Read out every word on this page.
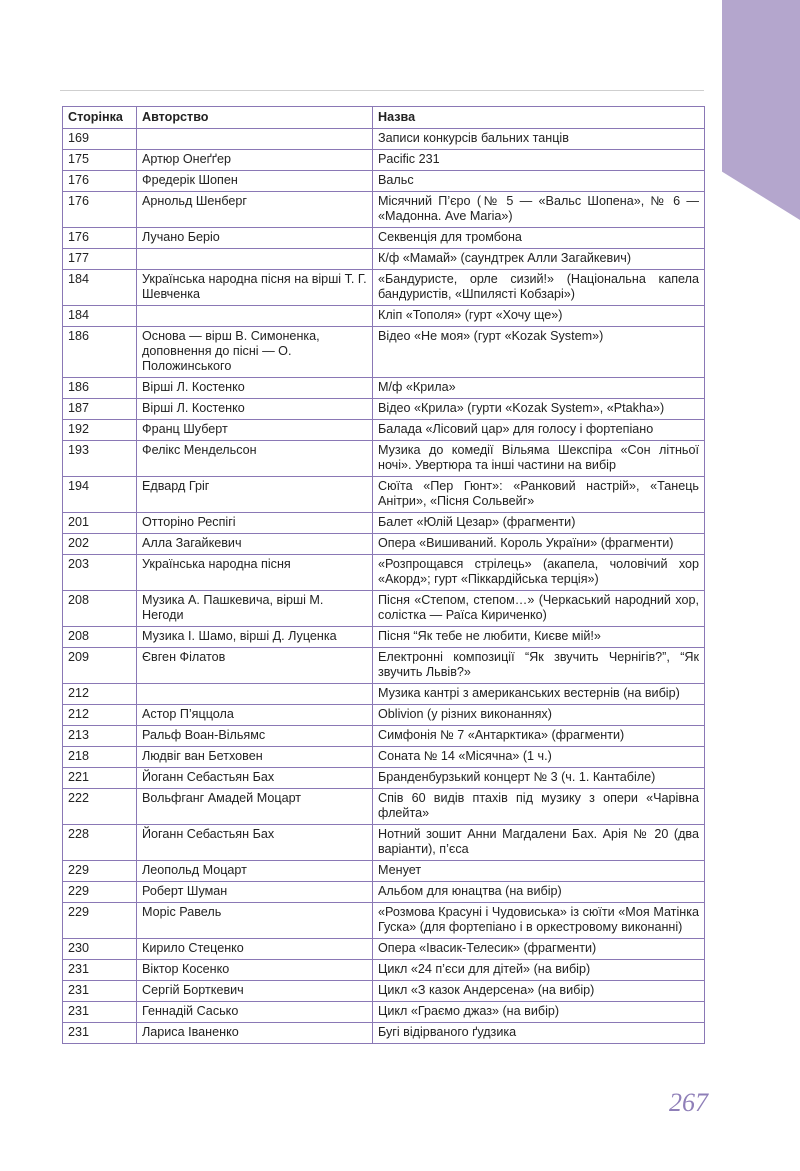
Сторінка	Авторство	Назва
169		Записи конкурсів бальних танців
175	Артюр Онеґґер	Pacific 231
176	Фредерік Шопен	Вальс
176	Арнольд Шенберг	Місячний П’єро (№ 5 — «Вальс Шопена», № 6 — «Мадонна. Ave Maria»)
176	Лучано Беріо	Секвенція для тромбона
177		К/ф «Мамай» (саундтрек Алли Загайкевич)
184	Українська народна пісня на вірші Т. Г. Шевченка	«Бандуристе, орле сизий!» (Національна капела бандуристів, «Шпилясті Кобзарі»)
184		Кліп «Тополя» (гурт «Хочу ще»)
186	Основа — вірш В. Симоненка, доповнення до пісні — О. Положинського	Відео «Не моя» (гурт «Kozak System»)
186	Вірші Л. Костенко	М/ф «Крила»
187	Вірші Л. Костенко	Відео «Крила» (гурти «Kozak System», «Ptakha»)
192	Франц Шуберт	Балада «Лісовий цар» для голосу і фортепіано
193	Фелікс Мендельсон	Музика до комедії Вільяма Шекспіра «Сон літньої ночі». Увертюра та інші частини на вибір
194	Едвард Гріг	Сюїта «Пер Гюнт»: «Ранковий настрій», «Танець Анітри», «Пісня Сольвейг»
201	Отторіно Респігі	Балет «Юлій Цезар» (фрагменти)
202	Алла Загайкевич	Опера «Вишиваний. Король України» (фрагменти)
203	Українська народна пісня	«Розпрощався стрілець» (акапела, чоловічий хор «Акорд»; гурт «Піккардійська терція»)
208	Музика А. Пашкевича, вірші М. Негоди	Пісня «Степом, степом…» (Черкаський народний хор, солістка — Раїса Кириченко)
208	Музика І. Шамо, вірші Д. Луценка	Пісня “Як тебе не любити, Києве мій!»
209	Євген Філатов	Електронні композиції “Як звучить Чернігів?”, “Як звучить Львів?»
212		Музика кантрі з американських вестернів (на вибір)
212	Астор П’яццола	Oblivion (у різних виконаннях)
213	Ральф Воан-Вільямс	Симфонія № 7 «Антарктика» (фрагменти)
218	Людвіг ван Бетховен	Соната № 14 «Місячна» (1 ч.)
221	Йоганн Себастьян Бах	Бранденбурзький концерт № 3 (ч. 1. Кантабіле)
222	Вольфганг Амадей Моцарт	Спів 60 видів птахів під музику з опери «Чарівна флейта»
228	Йоганн Себастьян Бах	Нотний зошит Анни Магдалени Бах. Арія № 20 (два варіанти), п’єса
229	Леопольд Моцарт	Менует
229	Роберт Шуман	Альбом для юнацтва (на вибір)
229	Моріс Равель	«Розмова Красуні і Чудовиська» із сюїти «Моя Матінка Гуска» (для фортепіано і в оркестровому виконанні)
230	Кирило Стеценко	Опера «Івасик-Телесик» (фрагменти)
231	Віктор Косенко	Цикл «24 п’єси для дітей» (на вибір)
231	Сергій Борткевич	Цикл «З казок Андерсена» (на вибір)
231	Геннадій Сасько	Цикл «Граємо джаз» (на вибір)
231	Лариса Іваненко	Бугі відірваного ґудзика
267
